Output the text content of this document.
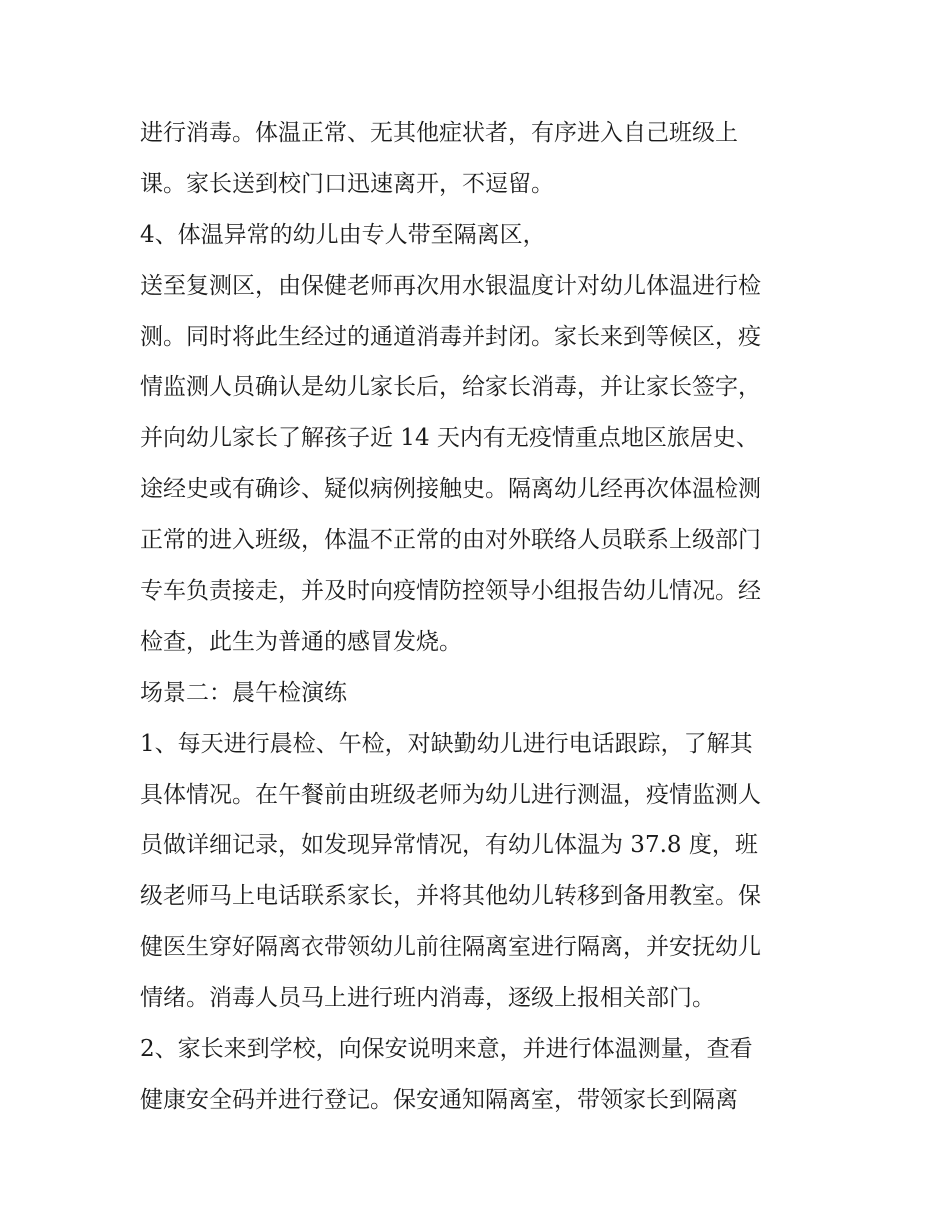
进行消毒。体温正常、无其他症状者，有序进入自己班级上
课。家长送到校门口迅速离开，不逗留。
4、体温异常的幼儿由专人带至隔离区，
送至复测区，由保健老师再次用水银温度计对幼儿体温进行检
测。同时将此生经过的通道消毒并封闭。家长来到等候区，疫
情监测人员确认是幼儿家长后，给家长消毒，并让家长签字，
并向幼儿家长了解孩子近 14 天内有无疫情重点地区旅居史、
途经史或有确诊、疑似病例接触史。隔离幼儿经再次体温检测
正常的进入班级，体温不正常的由对外联络人员联系上级部门
专车负责接走，并及时向疫情防控领导小组报告幼儿情况。经
检查，此生为普通的感冒发烧。
场景二：晨午检演练
1、每天进行晨检、午检，对缺勤幼儿进行电话跟踪，了解其
具体情况。在午餐前由班级老师为幼儿进行测温，疫情监测人
员做详细记录，如发现异常情况，有幼儿体温为 37.8 度，班
级老师马上电话联系家长，并将其他幼儿转移到备用教室。保
健医生穿好隔离衣带领幼儿前往隔离室进行隔离，并安抚幼儿
情绪。消毒人员马上进行班内消毒，逐级上报相关部门。
2、家长来到学校，向保安说明来意，并进行体温测量，查看
健康安全码并进行登记。保安通知隔离室，带领家长到隔离
